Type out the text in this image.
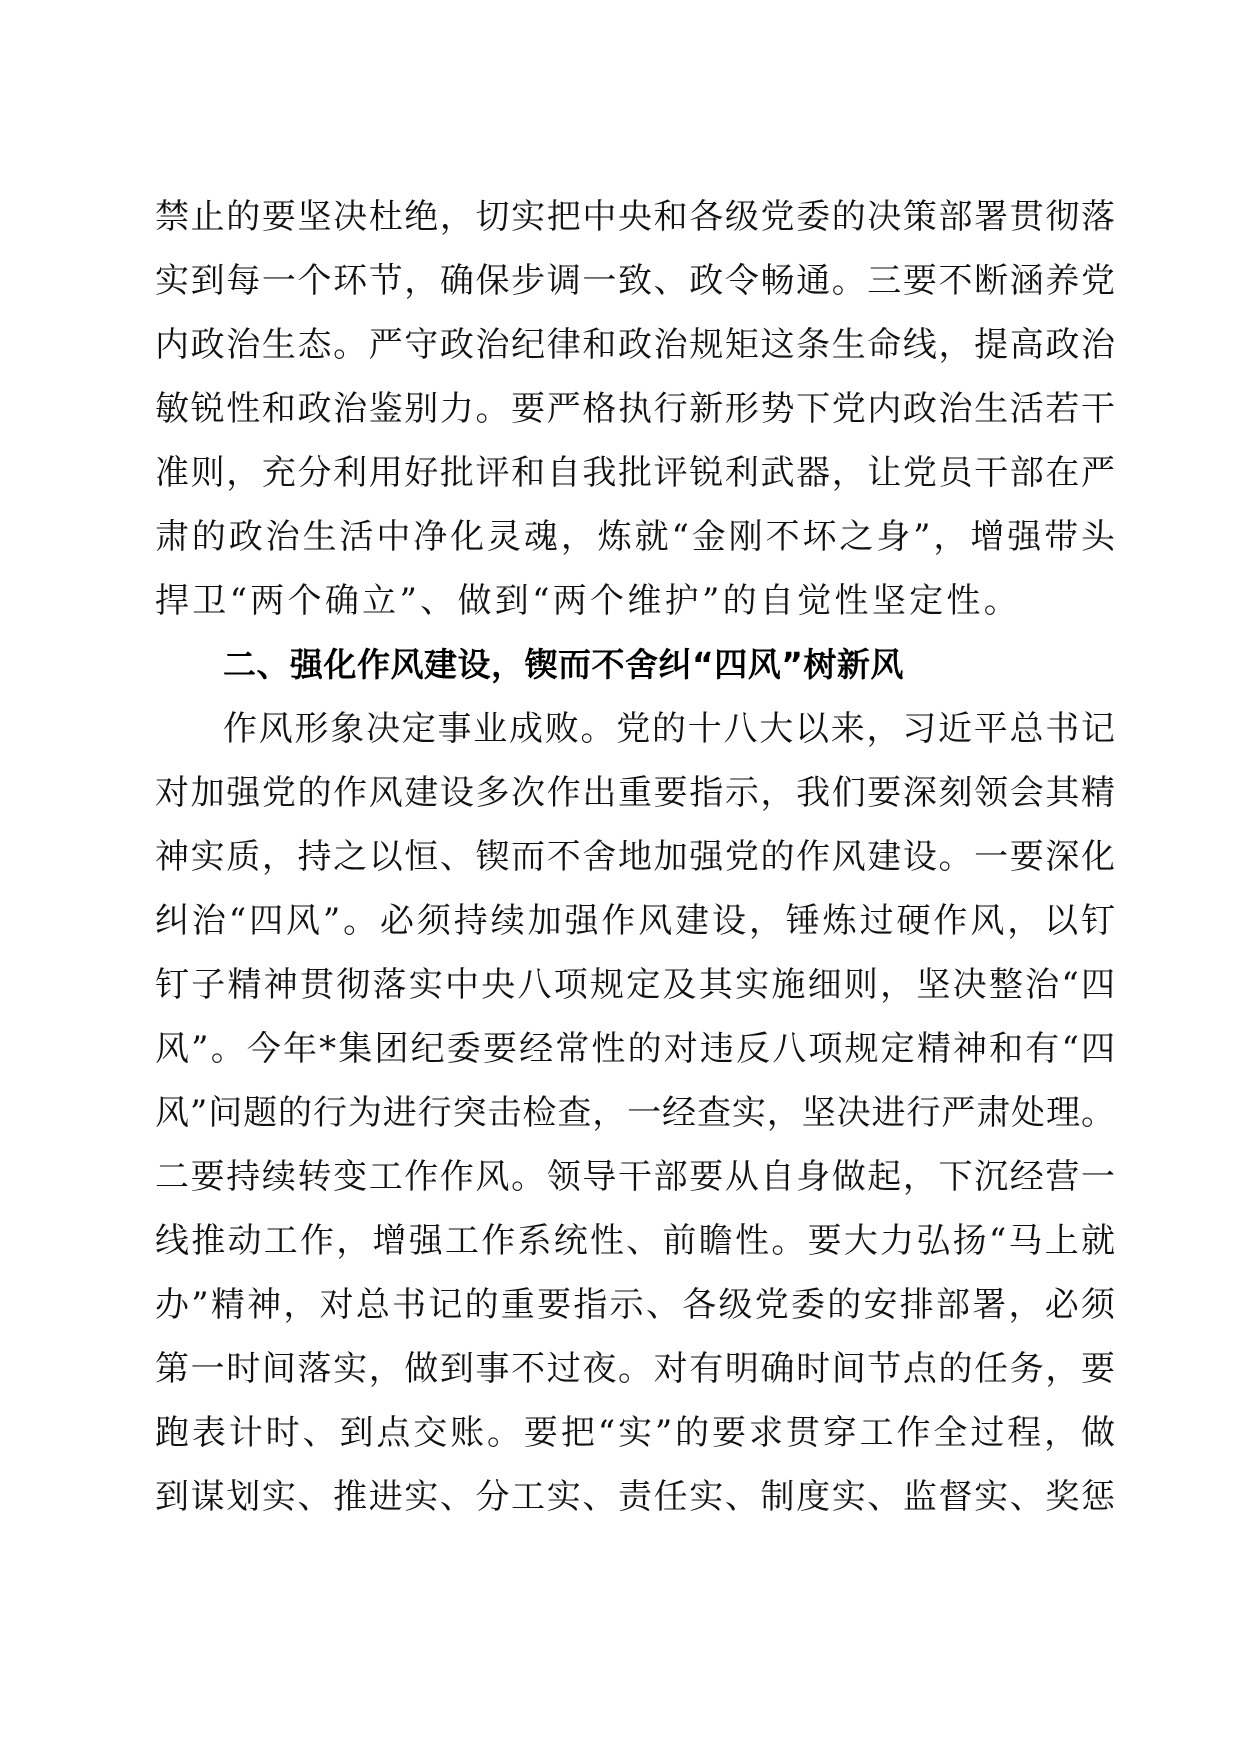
禁止的要坚决杜绝，切实把中央和各级党委的决策部署贯彻落
实到每一个环节，确保步调一致、政令畅通。三要不断涵养党
内政治生态。严守政治纪律和政治规矩这条生命线，提高政治
敏锐性和政治鉴别力。要严格执行新形势下党内政治生活若干
准则，充分利用好批评和自我批评锐利武器，让党员干部在严
肃的政治生活中净化灵魂，炼就“金刚不坏之身”，增强带头
捍卫“两个确立”、做到“两个维护”的自觉性坚定性。
二、强化作风建设，锲而不舍纠“四风”树新风
作风形象决定事业成败。党的十八大以来，习近平总书记
对加强党的作风建设多次作出重要指示，我们要深刻领会其精
神实质，持之以恒、锲而不舍地加强党的作风建设。一要深化
纠治“四风”。必须持续加强作风建设，锤炼过硬作风，以钉
钉子精神贯彻落实中央八项规定及其实施细则，坚决整治“四
风”。今年*集团纪委要经常性的对违反八项规定精神和有“四
风”问题的行为进行突击检查，一经查实，坚决进行严肃处理。
二要持续转变工作作风。领导干部要从自身做起，下沉经营一
线推动工作，增强工作系统性、前瞻性。要大力弘扬“马上就
办”精神，对总书记的重要指示、各级党委的安排部署，必须
第一时间落实，做到事不过夜。对有明确时间节点的任务，要
跑表计时、到点交账。要把“实”的要求贯穿工作全过程，做
到谋划实、推进实、分工实、责任实、制度实、监督实、奖惩
